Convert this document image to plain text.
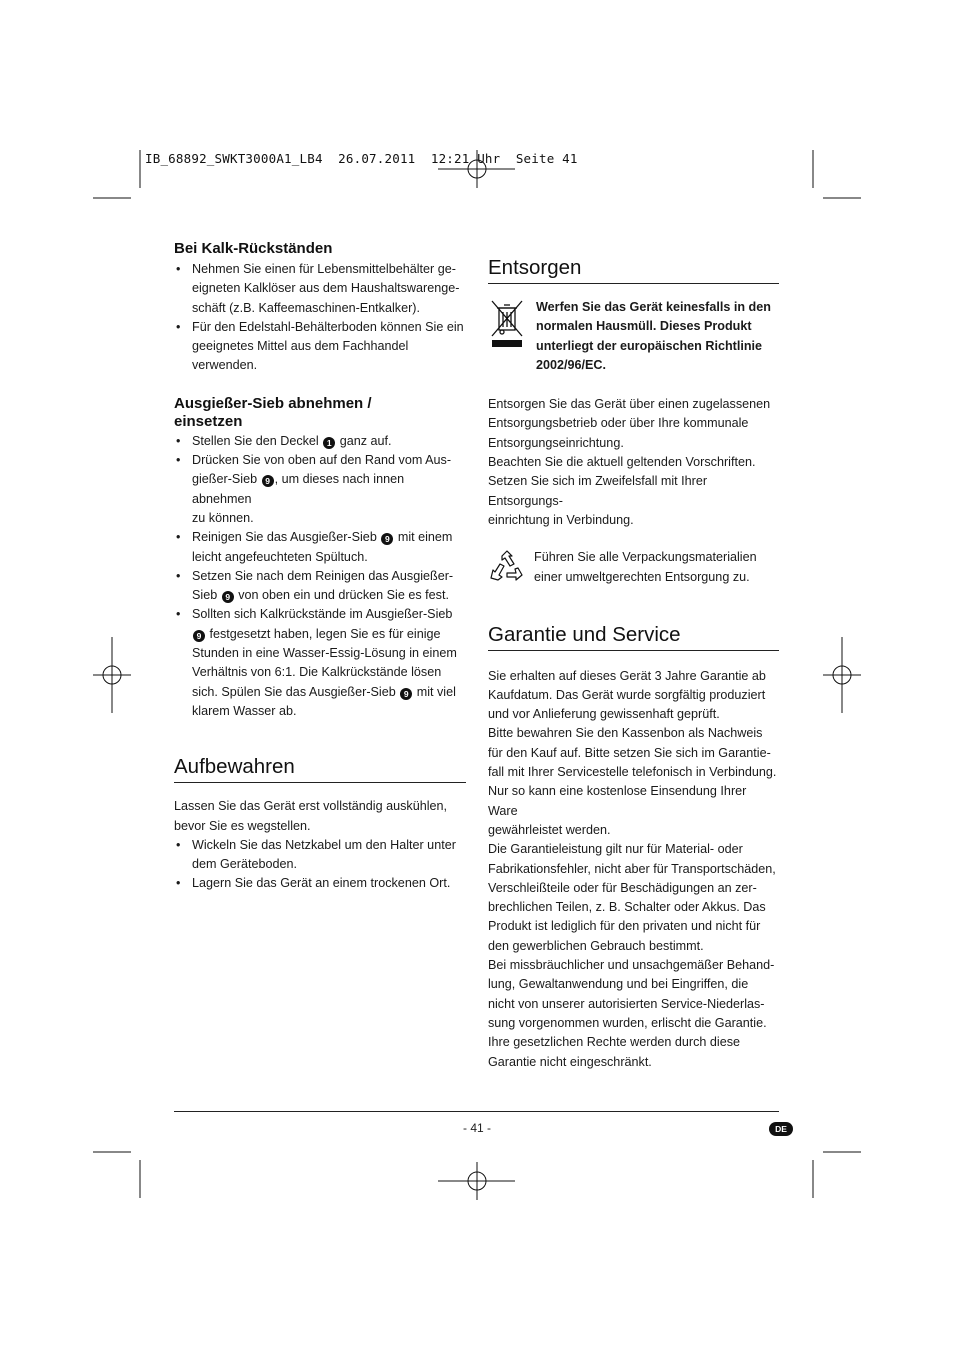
IB_68892_SWKT3000A1_LB4  26.07.2011  12:21 Uhr  Seite 41
Bei Kalk-Rückständen
• Nehmen Sie einen für Lebensmittelbehälter ge-
eigneten Kalklöser aus dem Haushaltswarenge-
schäft (z.B. Kaffeemaschinen-Entkalker).
• Für den Edelstahl-Behälterboden können Sie ein
geeignetes Mittel aus dem Fachhandel
verwenden.
Ausgießer-Sieb abnehmen /
einsetzen
• Stellen Sie den Deckel 1 ganz auf.
• Drücken Sie von oben auf den Rand vom Aus-
gießer-Sieb 9 , um dieses nach innen abnehmen
zu können.
• Reinigen Sie das Ausgießer-Sieb 9 mit einem
leicht angefeuchteten Spültuch.
• Setzen Sie nach dem Reinigen das Ausgießer-
Sieb 9 von oben ein und drücken Sie es fest.
• Sollten sich Kalkrückstände im Ausgießer-Sieb
9 festgesetzt haben, legen Sie es für einige
Stunden in eine Wasser-Essig-Lösung in einem
Verhältnis von 6:1. Die Kalkrückstände lösen
sich. Spülen Sie das Ausgießer-Sieb 9 mit viel
klarem Wasser ab.
Aufbewahren

Lassen Sie das Gerät erst vollständig auskühlen,
bevor Sie es wegstellen.

• Wickeln Sie das Netzkabel um den Halter unter
dem Geräteboden.
• Lagern Sie das Gerät an einem trockenen Ort.
Entsorgen
Werfen Sie das Gerät keinesfalls in den
normalen Hausmüll. Dieses Produkt
unterliegt der europäischen Richtlinie
2002/96/EC.

Entsorgen Sie das Gerät über einen zugelassenen
Entsorgungsbetrieb oder über Ihre kommunale
Entsorgungseinrichtung.
Beachten Sie die aktuell geltenden Vorschriften.
Setzen Sie sich im Zweifelsfall mit Ihrer Entsorgungs-
einrichtung in Verbindung.

Führen Sie alle Verpackungsmaterialien
einer umweltgerechten Entsorgung zu.
Garantie und Service

Sie erhalten auf dieses Gerät 3 Jahre Garantie ab
Kaufdatum. Das Gerät wurde sorgfältig produziert
und vor Anlieferung gewissenhaft geprüft.
Bitte bewahren Sie den Kassenbon als Nachweis
für den Kauf auf. Bitte setzen Sie sich im Garantie-
fall mit Ihrer Servicestelle telefonisch in Verbindung.
Nur so kann eine kostenlose Einsendung Ihrer Ware
gewährleistet werden.
Die Garantieleistung gilt nur für Material- oder
Fabrikationsfehler, nicht aber für Transportschäden,
Verschleißteile oder für Beschädigungen an zer-
brechlichen Teilen, z. B. Schalter oder Akkus. Das
Produkt ist lediglich für den privaten und nicht für
den gewerblichen Gebrauch bestimmt.
Bei missbräuchlicher und unsachgemäßer Behand-
lung, Gewaltanwendung und bei Eingriffen, die
nicht von unserer autorisierten Service-Niederlas-
sung vorgenommen wurden, erlischt die Garantie.
Ihre gesetzlichen Rechte werden durch diese
Garantie nicht eingeschränkt.

- 41 -	DE
